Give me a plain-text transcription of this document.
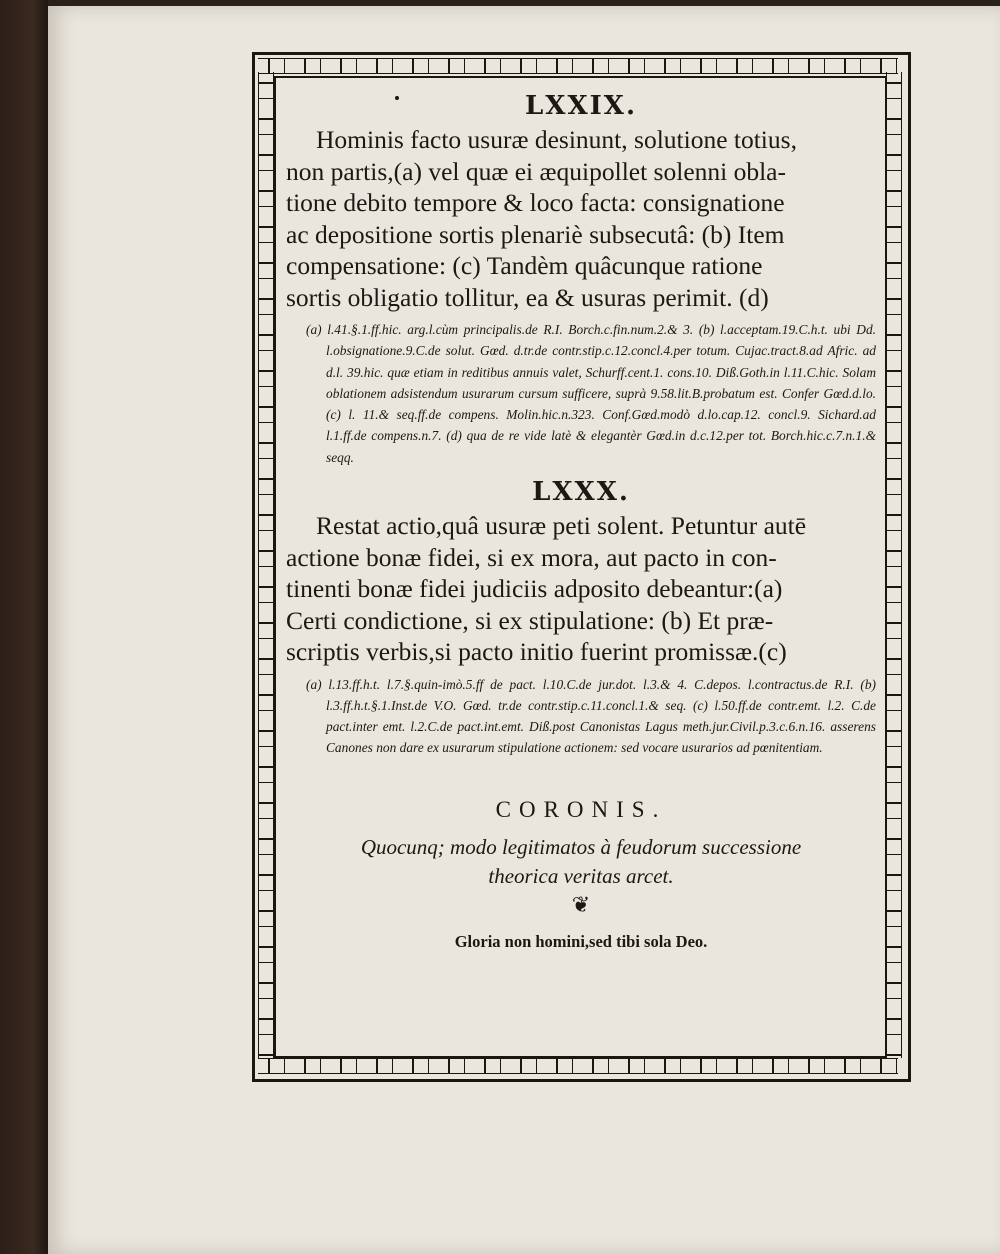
LXXIX.
Hominis facto usuræ desinunt, solutione totius,
non partis,(a) vel quæ ei æquipollet solenni obla-
tione debito tempore & loco facta: consignatione
ac depositione sortis plenariè subsecutâ: (b) Item
compensatione: (c) Tandèm quâcunque ratione
sortis obligatio tollitur, ea & usuras perimit. (d)

(a) l.41.§.1.ff.hic. arg.l.cùm principalis.de R.I. Borch.c.fin.num.2.& 3. (b) l.acceptam.19.C.h.t. ubi Dd. l.obsignatione.9.C.de solut. Gœd. d.tr.de contr.stip.c.12.concl.4.per totum. Cujac.tract.8.ad Afric. ad d.l. 39.hic. quæ etiam in reditibus annuis valet, Schurff.cent.1. cons.10. Diß.Goth.in l.11.C.hic. Solam oblationem adsistendum usurarum cursum sufficere, suprà 9.58.lit.B.probatum est. Confer Gœd.d.lo. (c) l. 11.& seq.ff.de compens. Molin.hic.n.323. Conf.Gœd.modò d.lo.cap.12. concl.9. Sichard.ad l.1.ff.de compens.n.7. (d) qua de re vide latè & elegantèr Gœd.in d.c.12.per tot. Borch.hic.c.7.n.1.& seqq.

LXXX.
Restat actio,quâ usuræ peti solent. Petuntur autē
actione bonæ fidei, si ex mora, aut pacto in con-
tinenti bonæ fidei judiciis adposito debeantur:(a)
Certi condictione, si ex stipulatione: (b) Et præ-
scriptis verbis,si pacto initio fuerint promissæ.(c)

(a) l.13.ff.h.t. l.7.§.quin-imò.5.ff de pact. l.10.C.de jur.dot. l.3.& 4. C.depos. l.contractus.de R.I. (b) l.3.ff.h.t.§.1.Inst.de V.O. Gœd. tr.de contr.stip.c.11.concl.1.& seq. (c) l.50.ff.de contr.emt. l.2. C.de pact.inter emt. l.2.C.de pact.int.emt. Diß.post Canonistas Lagus meth.jur.Civil.p.3.c.6.n.16. asserens Canones non dare ex usurarum stipulatione actionem: sed vocare usurarios ad pœnitentiam.

CORONIS.
Quocunq; modo legitimatos à feudorum successione
theorica veritas arcet.
❦
Gloria non homini,sed tibi sola Deo.
